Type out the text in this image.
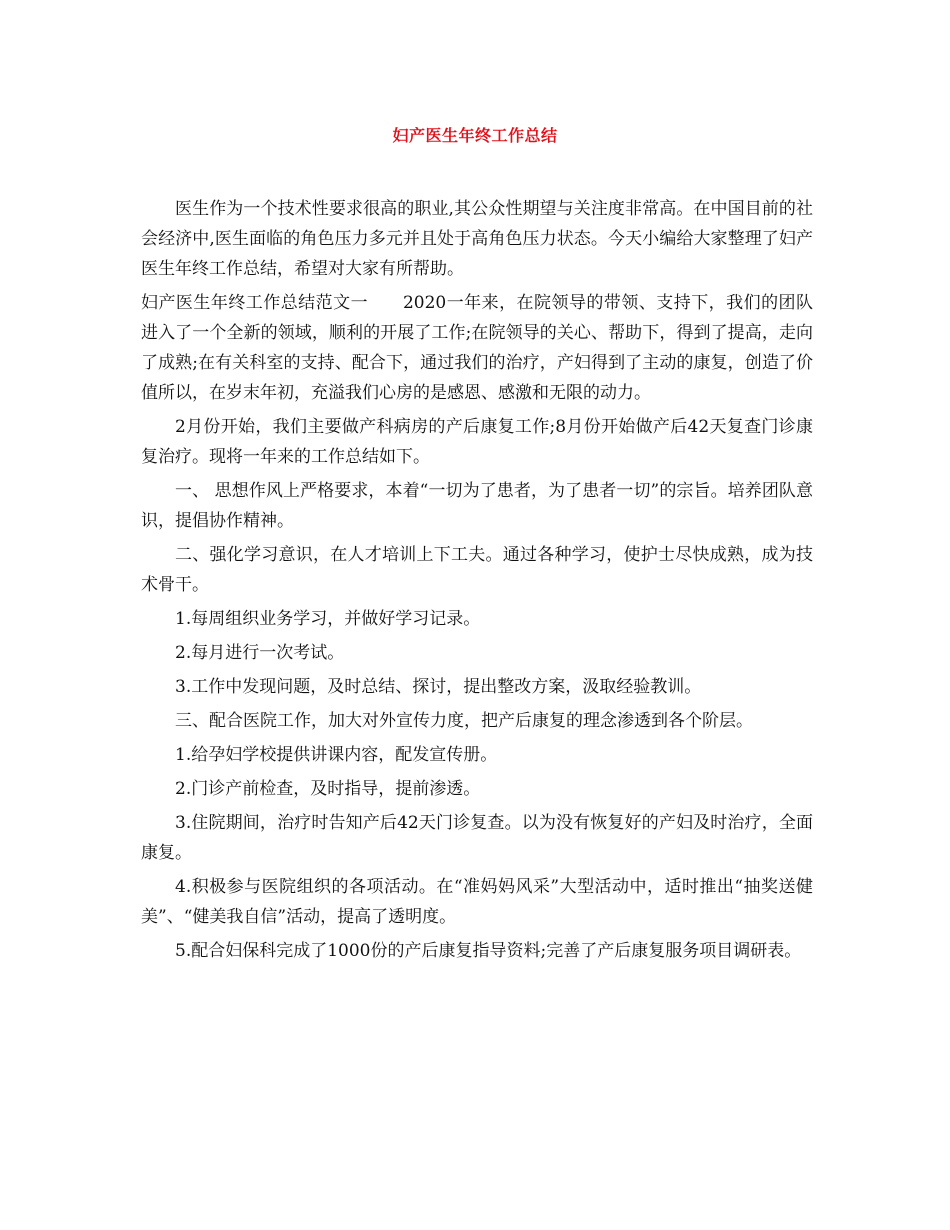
妇产医生年终工作总结

医生作为一个技术性要求很高的职业,其公众性期望与关注度非常高。在中国目前的社会经济中,医生面临的角色压力多元并且处于高角色压力状态。今天小编给大家整理了妇产医生年终工作总结，希望对大家有所帮助。

妇产医生年终工作总结范文一　　2020一年来，在院领导的带领、支持下，我们的团队进入了一个全新的领域，顺利的开展了工作;在院领导的关心、帮助下，得到了提高，走向了成熟;在有关科室的支持、配合下，通过我们的治疗，产妇得到了主动的康复，创造了价值所以，在岁末年初，充溢我们心房的是感恩、感激和无限的动力。

2月份开始，我们主要做产科病房的产后康复工作;8月份开始做产后42天复查门诊康复治疗。现将一年来的工作总结如下。

一、 思想作风上严格要求，本着“一切为了患者，为了患者一切”的宗旨。培养团队意识，提倡协作精神。

二、强化学习意识，在人才培训上下工夫。通过各种学习，使护士尽快成熟，成为技术骨干。

1.每周组织业务学习，并做好学习记录。

2.每月进行一次考试。

3.工作中发现问题，及时总结、探讨，提出整改方案，汲取经验教训。

三、配合医院工作，加大对外宣传力度，把产后康复的理念渗透到各个阶层。

1.给孕妇学校提供讲课内容，配发宣传册。

2.门诊产前检查，及时指导，提前渗透。

3.住院期间，治疗时告知产后42天门诊复查。以为没有恢复好的产妇及时治疗，全面康复。

4.积极参与医院组织的各项活动。在“准妈妈风采”大型活动中，适时推出“抽奖送健美”、“健美我自信”活动，提高了透明度。

5.配合妇保科完成了1000份的产后康复指导资料;完善了产后康复服务项目调研表。
